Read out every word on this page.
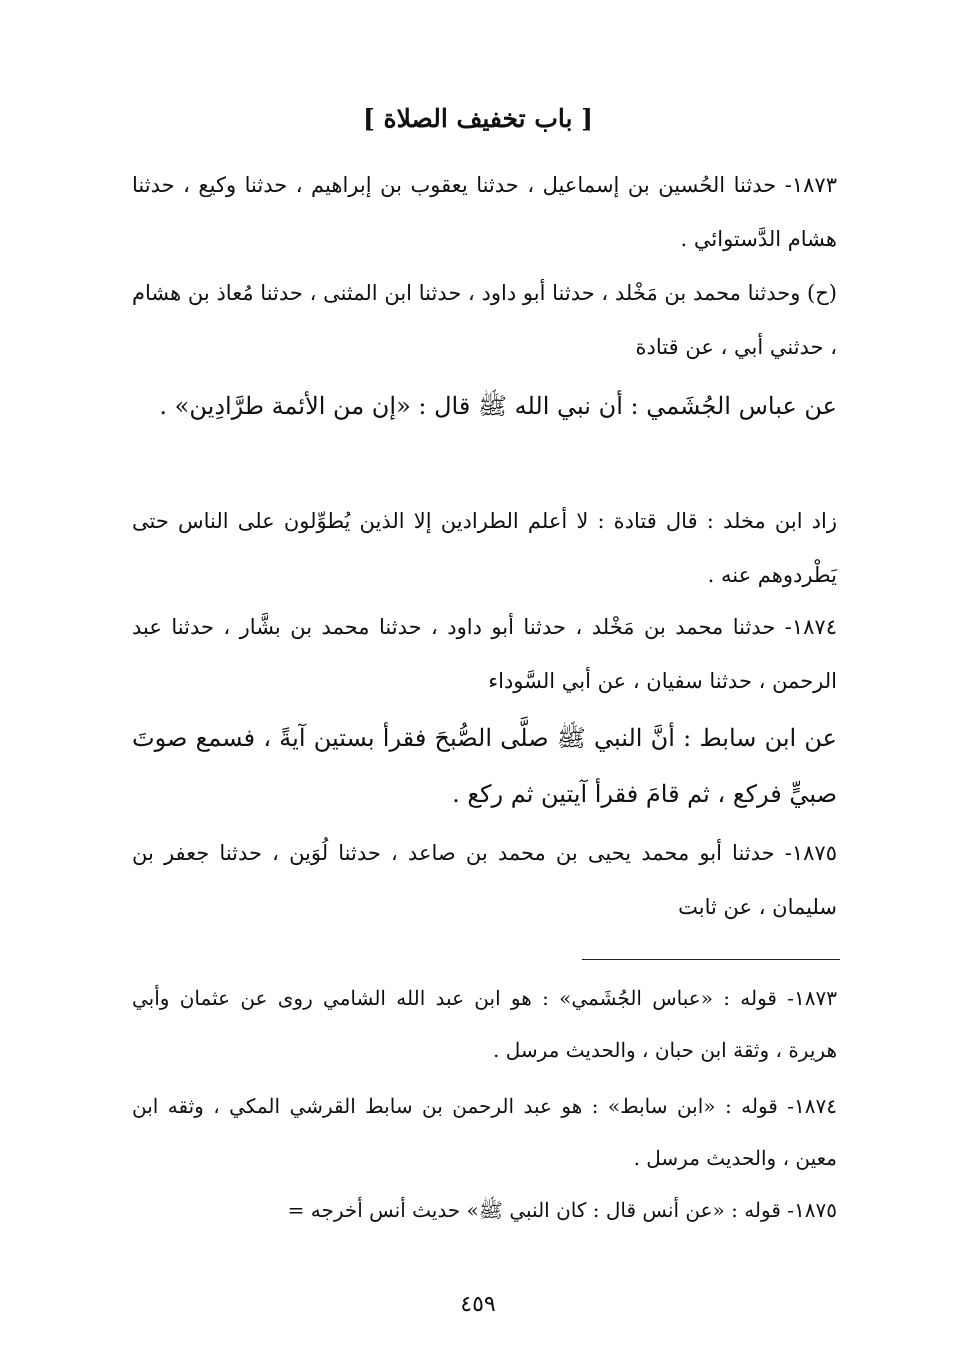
[ باب تخفيف الصلاة ]
١٨٧٣- حدثنا الحُسين بن إسماعيل ، حدثنا يعقوب بن إبراهيم ، حدثنا وكيع ، حدثنا هشام الدَّستوائي .
(ح) وحدثنا محمد بن مَخْلد ، حدثنا أبو داود ، حدثنا ابن المثنى ، حدثنا مُعاذ بن هشام ، حدثني أبي ، عن قتادة
عن عباس الجُشَمي : أن نبي الله ﷺ قال : «إن من الأئمة طرَّادِين» .
زاد ابن مخلد : قال قتادة : لا أعلم الطرادين إلا الذين يُطوِّلون على الناس حتى يَطْردوهم عنه .
١٨٧٤- حدثنا محمد بن مَخْلد ، حدثنا أبو داود ، حدثنا محمد بن بشَّار ، حدثنا عبد الرحمن ، حدثنا سفيان ، عن أبي السَّوداء
عن ابن سابط : أنَّ النبي ﷺ صلَّى الصُّبحَ فقرأ بستين آيةً ، فسمع صوتَ صبيٍّ فركع ، ثم قامَ فقرأ آيتين ثم ركع .
١٨٧٥- حدثنا أبو محمد يحيى بن محمد بن صاعد ، حدثنا لُوَين ، حدثنا جعفر بن سليمان ، عن ثابت
١٨٧٣- قوله : «عباس الجُشَمي» : هو ابن عبد الله الشامي روى عن عثمان وأبي هريرة ، وثقة ابن حبان ، والحديث مرسل .
١٨٧٤- قوله : «ابن سابط» : هو عبد الرحمن بن سابط القرشي المكي ، وثقه ابن معين ، والحديث مرسل .
١٨٧٥- قوله : «عن أنس قال : كان النبي ﷺ» حديث أنس أخرجه =
٤٥٩
